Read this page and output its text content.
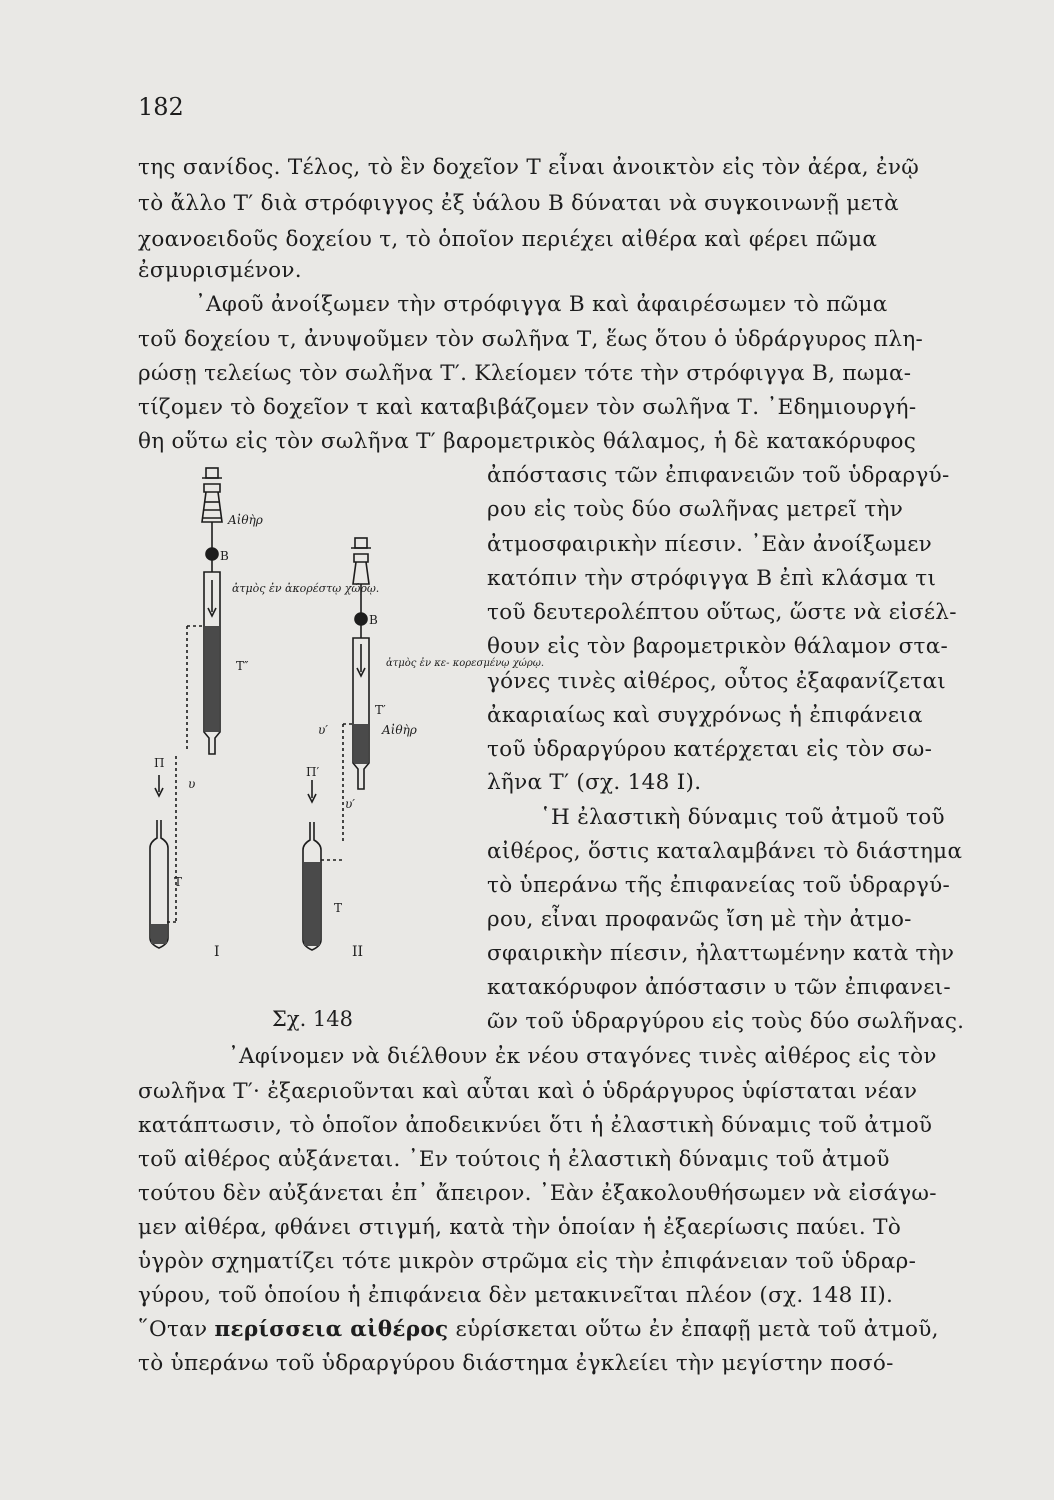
182
της σανίδος. Τέλος, τὸ ἓν δοχεῖον Τ εἶναι ἀνοικτὸν εἰς τὸν ἀέρα, ἐνῷ
τὸ ἄλλο Τ′ διὰ στρόφιγγος ἐξ ὑάλου Β δύναται νὰ συγκοινωνῇ μετὰ
χοανοειδοῦς δοχείου τ, τὸ ὁποῖον περιέχει αἰθέρα καὶ φέρει πῶμα
ἐσμυρισμένον.
᾿Αφοῦ ἀνοίξωμεν τὴν στρόφιγγα Β καὶ ἀφαιρέσωμεν τὸ πῶμα
τοῦ δοχείου τ, ἀνυψοῦμεν τὸν σωλῆνα Τ, ἕως ὅτου ὁ ὑδράργυρος πλη-
ρώσῃ τελείως τὸν σωλῆνα Τ′. Κλείομεν τότε τὴν στρόφιγγα Β, πωμα-
τίζομεν τὸ δοχεῖον τ καὶ καταβιβάζομεν τὸν σωλῆνα Τ. ᾿Εδημιουργή-
θη οὕτω εἰς τὸν σωλῆνα Τ′ βαρομετρικὸς θάλαμος, ἡ δὲ κατακόρυφος
ἀπόστασις τῶν ἐπιφανειῶν τοῦ ὑδραργύ-
ρου εἰς τοὺς δύο σωλῆνας μετρεῖ τὴν
ἀτμοσφαιρικὴν πίεσιν. ᾿Εὰν ἀνοίξωμεν
κατόπιν τὴν στρόφιγγα Β ἐπὶ κλάσμα τι
τοῦ δευτερολέπτου οὕτως, ὥστε νὰ εἰσέλ-
θουν εἰς τὸν βαρομετρικὸν θάλαμον στα-
γόνες τινὲς αἰθέρος, οὗτος ἐξαφανίζεται
ἀκαριαίως καὶ συγχρόνως ἡ ἐπιφάνεια
τοῦ ὑδραργύρου κατέρχεται εἰς τὸν σω-
λῆνα Τ′ (σχ. 148 Ι).
῾Η ἐλαστικὴ δύναμις τοῦ ἀτμοῦ τοῦ
αἰθέρος, ὅστις καταλαμβάνει τὸ διάστημα
τὸ ὑπεράνω τῆς ἐπιφανείας τοῦ ὑδραργύ-
ρου, εἶναι προφανῶς ἴση μὲ τὴν ἀτμο-
σφαιρικὴν πίεσιν, ἠλαττωμένην κατὰ τὴν
κατακόρυφον ἀπόστασιν υ τῶν ἐπιφανει-
ῶν τοῦ ὑδραργύρου εἰς τοὺς δύο σωλῆνας.
Αἰθὴρ
Β
ἀτμὸς ἐν ἀκορέστῳ χώρῳ.
Τ″
Β
ἀτμὸς ἐν κε- κορεσμένῳ χώρῳ.
Τ′
Αἰθὴρ
υ′
Π
Π′
υ
υ′
Τ
Τ
Ι	ΙΙ
Σχ. 148
᾿Αφίνομεν νὰ διέλθουν ἐκ νέου σταγόνες τινὲς αἰθέρος εἰς τὸν
σωλῆνα Τ′· ἐξαεριοῦνται καὶ αὗται καὶ ὁ ὑδράργυρος ὑφίσταται νέαν
κατάπτωσιν, τὸ ὁποῖον ἀποδεικνύει ὅτι ἡ ἐλαστικὴ δύναμις τοῦ ἀτμοῦ
τοῦ αἰθέρος αὐξάνεται. ᾿Εν τούτοις ἡ ἐλαστικὴ δύναμις τοῦ ἀτμοῦ
τούτου δὲν αὐξάνεται ἐπ᾿ ἄπειρον. ᾿Εὰν ἐξακολουθήσωμεν νὰ εἰσάγω-
μεν αἰθέρα, φθάνει στιγμή, κατὰ τὴν ὁποίαν ἡ ἐξαερίωσις παύει. Τὸ
ὑγρὸν σχηματίζει τότε μικρὸν στρῶμα εἰς τὴν ἐπιφάνειαν τοῦ ὑδραρ-
γύρου, τοῦ ὁποίου ἡ ἐπιφάνεια δὲν μετακινεῖται πλέον (σχ. 148 ΙΙ).
῞Οταν περίσσεια αἰθέρος εὑρίσκεται οὕτω ἐν ἐπαφῇ μετὰ τοῦ ἀτμοῦ,
τὸ ὑπεράνω τοῦ ὑδραργύρου διάστημα ἐγκλείει τὴν μεγίστην ποσό-
